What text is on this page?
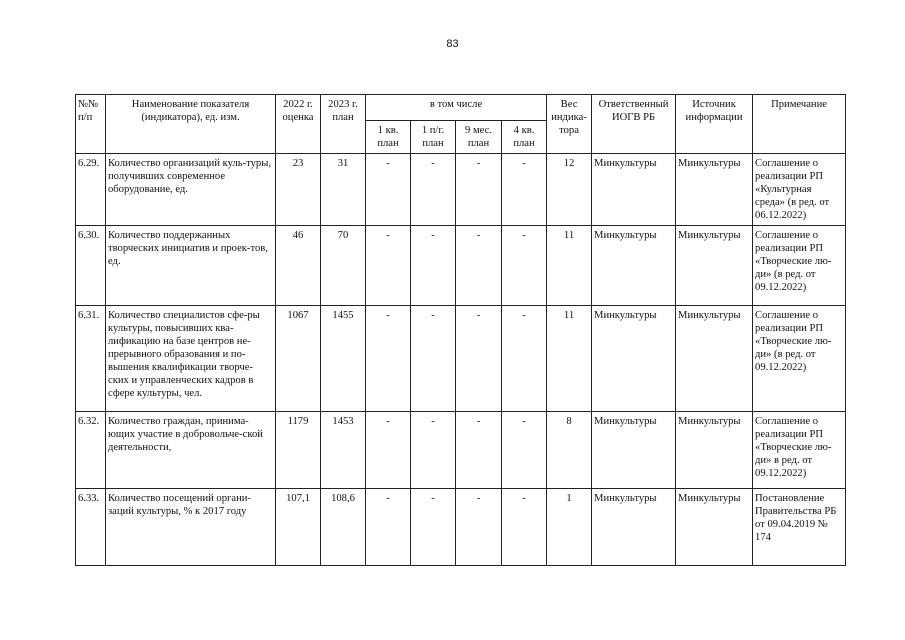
83
№№ п/п	Наименование показателя (индикатора), ед. изм.	2022 г. оценка	2023 г. план	в том числе				Вес индика-тора	Ответственный ИОГВ РБ	Источник информации	Примечание
				1 кв. план	1 п/г. план	9 мес. план	4 кв. план				
6.29.	Количество организаций куль-туры, получивших современное оборудование, ед.	23	31	-	-	-	-	12	Минкультуры	Минкультуры	Соглашение о реализации РП «Культурная среда» (в ред. от 06.12.2022)
6.30.	Количество поддержанных творческих инициатив и проек-тов, ед.	46	70	-	-	-	-	11	Минкультуры	Минкультуры	Соглашение о реализации РП «Творческие лю-ди» (в ред. от 09.12.2022)
6.31.	Количество специалистов сфе-ры культуры, повысивших ква-лификацию на базе центров не-прерывного образования и по-вышения квалификации творче-ских и управленческих кадров в сфере культуры, чел.	1067	1455	-	-	-	-	11	Минкультуры	Минкультуры	Соглашение о реализации РП «Творческие лю-ди» (в ред. от 09.12.2022)
6.32.	Количество граждан, принима-ющих участие в добровольче-ской деятельности,	1179	1453	-	-	-	-	8	Минкультуры	Минкультуры	Соглашение о реализации РП «Творческие лю-ди» в ред. от 09.12.2022)
6.33.	Количество посещений органи-заций культуры, % к 2017 году	107,1	108,6	-	-	-	-	1	Минкультуры	Минкультуры	Постановление Правительства РБ от 09.04.2019 № 174
